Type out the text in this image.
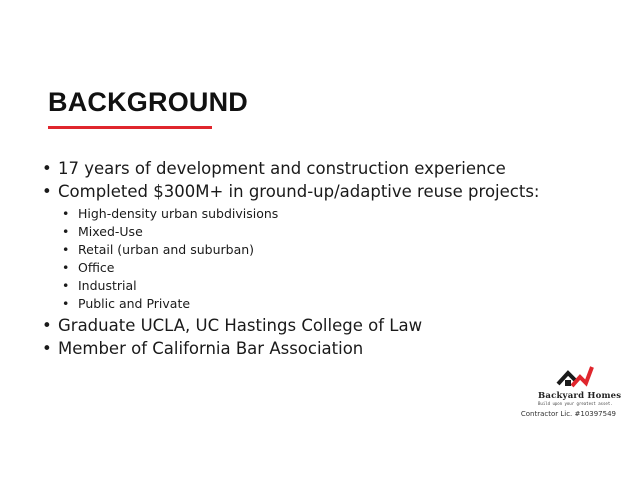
BACKGROUND
• 17 years of development and construction experience
• Completed $300M+ in ground-up/adaptive reuse projects:
• High-density urban subdivisions
• Mixed-Use
• Retail (urban and suburban)
• Office
• Industrial
• Public and Private
• Graduate UCLA, UC Hastings College of Law
• Member of California Bar Association
Backyard Homes
Build upon your greatest asset.
Contractor Lic. #10397549
